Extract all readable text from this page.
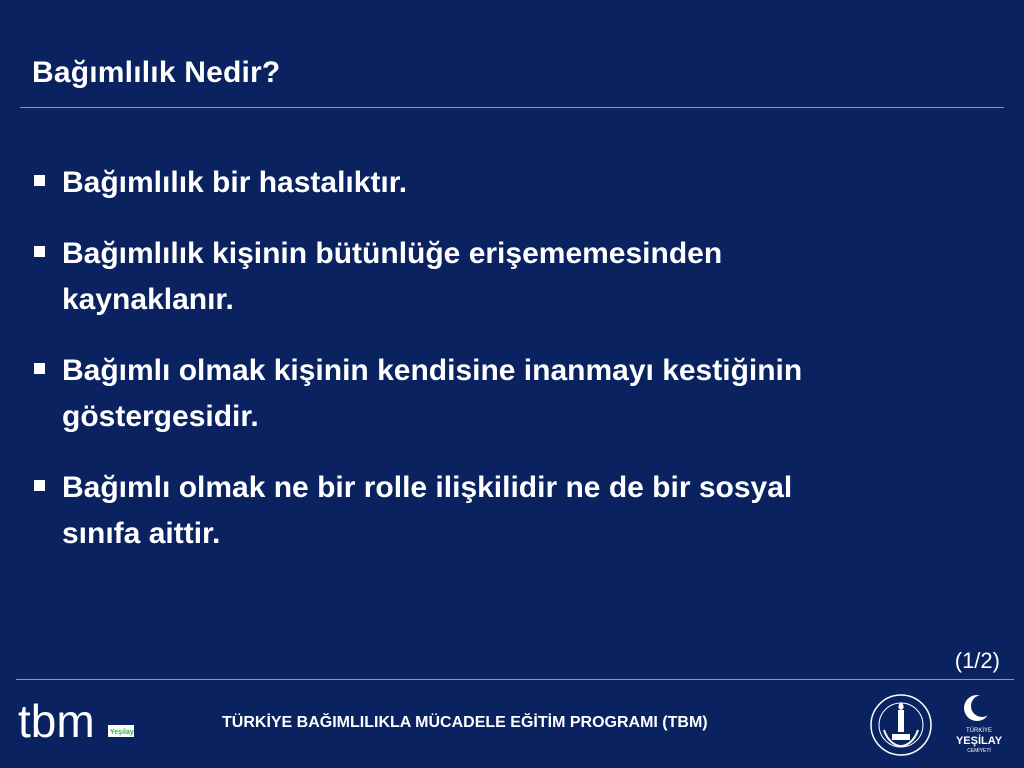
Bağımlılık Nedir?
Bağımlılık bir hastalıktır.
Bağımlılık kişinin bütünlüğe erişememesinden
kaynaklanır.
Bağımlı olmak kişinin kendisine inanmayı kestiğinin
göstergesidir.
Bağımlı olmak ne bir rolle ilişkilidir ne de bir sosyal
sınıfa aittir.
(1/2)
tbm Yeşilay
TÜRKİYE BAĞIMLILIKLA MÜCADELE EĞİTİM PROGRAMI (TBM)	TÜRKİYE
YEŞİLAY
CEMİYETİ
